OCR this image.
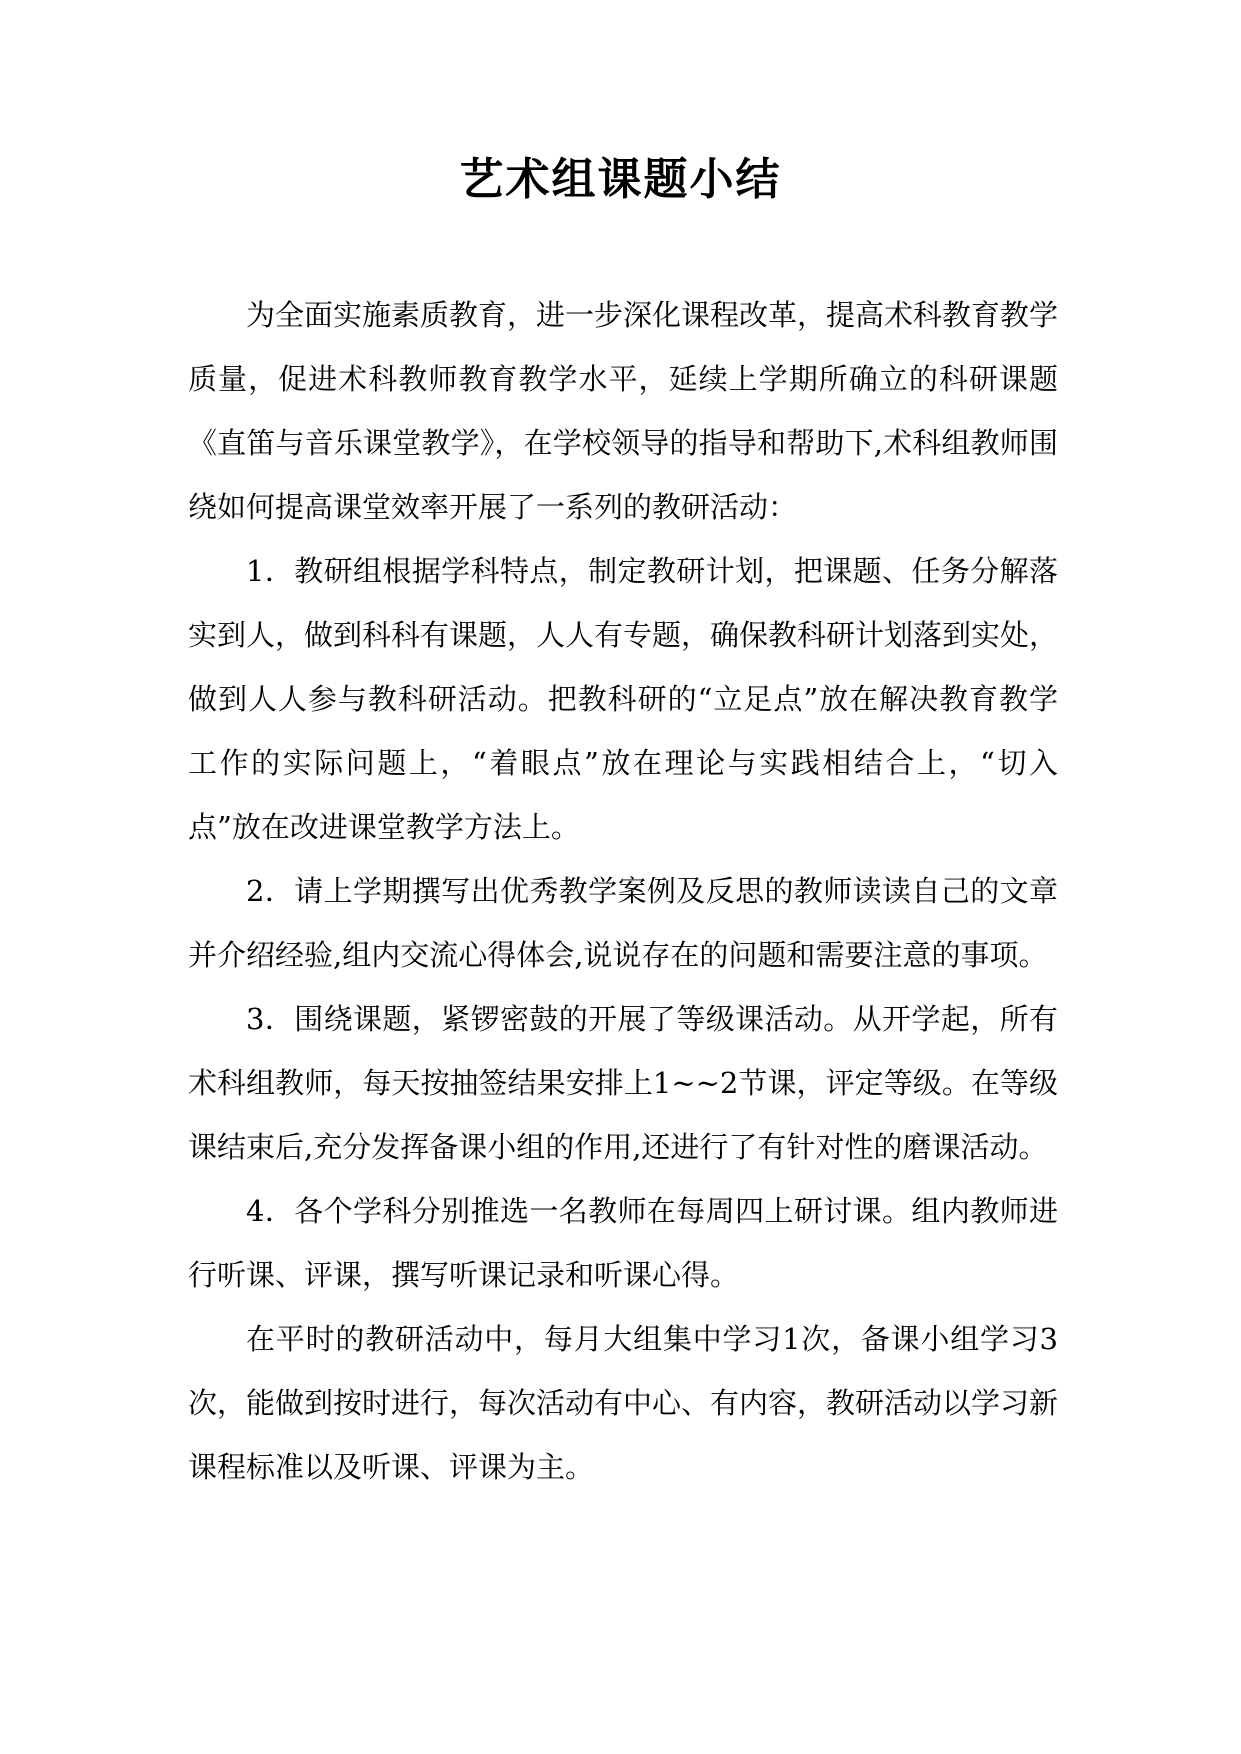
艺术组课题小结

为全面实施素质教育，进一步深化课程改革，提高术科教育教学质量，促进术科教师教育教学水平，延续上学期所确立的科研课题《直笛与音乐课堂教学》，在学校领导的指导和帮助下,术科组教师围绕如何提高课堂效率开展了一系列的教研活动：

1．教研组根据学科特点，制定教研计划，把课题、任务分解落实到人，做到科科有课题，人人有专题，确保教科研计划落到实处，做到人人参与教科研活动。把教科研的“立足点”放在解决教育教学工作的实际问题上，“着眼点”放在理论与实践相结合上，“切入点”放在改进课堂教学方法上。

2．请上学期撰写出优秀教学案例及反思的教师读读自己的文章并介绍经验,组内交流心得体会,说说存在的问题和需要注意的事项。

3．围绕课题，紧锣密鼓的开展了等级课活动。从开学起，所有术科组教师，每天按抽签结果安排上1~~2节课，评定等级。在等级课结束后,充分发挥备课小组的作用,还进行了有针对性的磨课活动。

4．各个学科分别推选一名教师在每周四上研讨课。组内教师进行听课、评课，撰写听课记录和听课心得。

在平时的教研活动中，每月大组集中学习1次，备课小组学习3次，能做到按时进行，每次活动有中心、有内容，教研活动以学习新课程标准以及听课、评课为主。
